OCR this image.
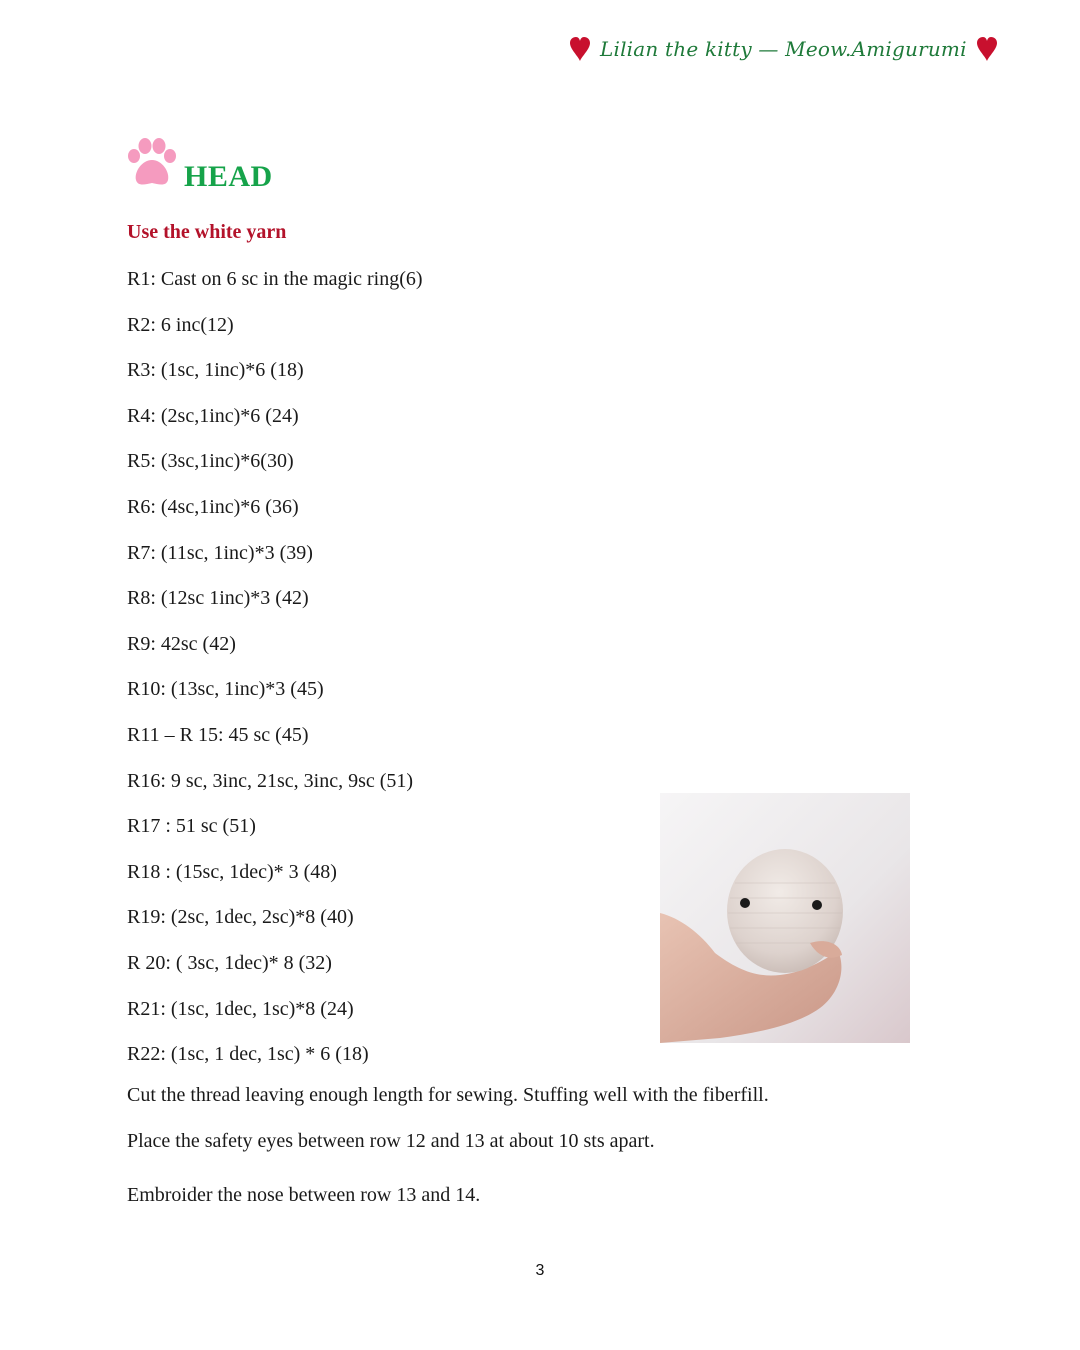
Lilian the kitty — Meow.Amigurumi
HEAD
Use the white yarn
R1: Cast on 6 sc in the magic ring(6)
R2: 6 inc(12)
R3: (1sc, 1inc)*6 (18)
R4: (2sc,1inc)*6 (24)
R5: (3sc,1inc)*6(30)
R6: (4sc,1inc)*6 (36)
R7: (11sc, 1inc)*3 (39)
R8: (12sc 1inc)*3 (42)
R9: 42sc (42)
R10: (13sc, 1inc)*3 (45)
R11 – R 15: 45 sc (45)
R16: 9 sc, 3inc, 21sc, 3inc, 9sc (51)
R17 : 51 sc (51)
R18 : (15sc, 1dec)* 3 (48)
R19: (2sc, 1dec, 2sc)*8 (40)
R 20: ( 3sc, 1dec)* 8 (32)
R21: (1sc, 1dec, 1sc)*8 (24)
R22: (1sc, 1 dec, 1sc) * 6 (18)
Cut the thread leaving enough length for sewing. Stuffing well with the fiberfill.
Place the safety eyes between row 12 and 13 at about 10 sts apart.
Embroider the nose between row 13 and 14.
3
